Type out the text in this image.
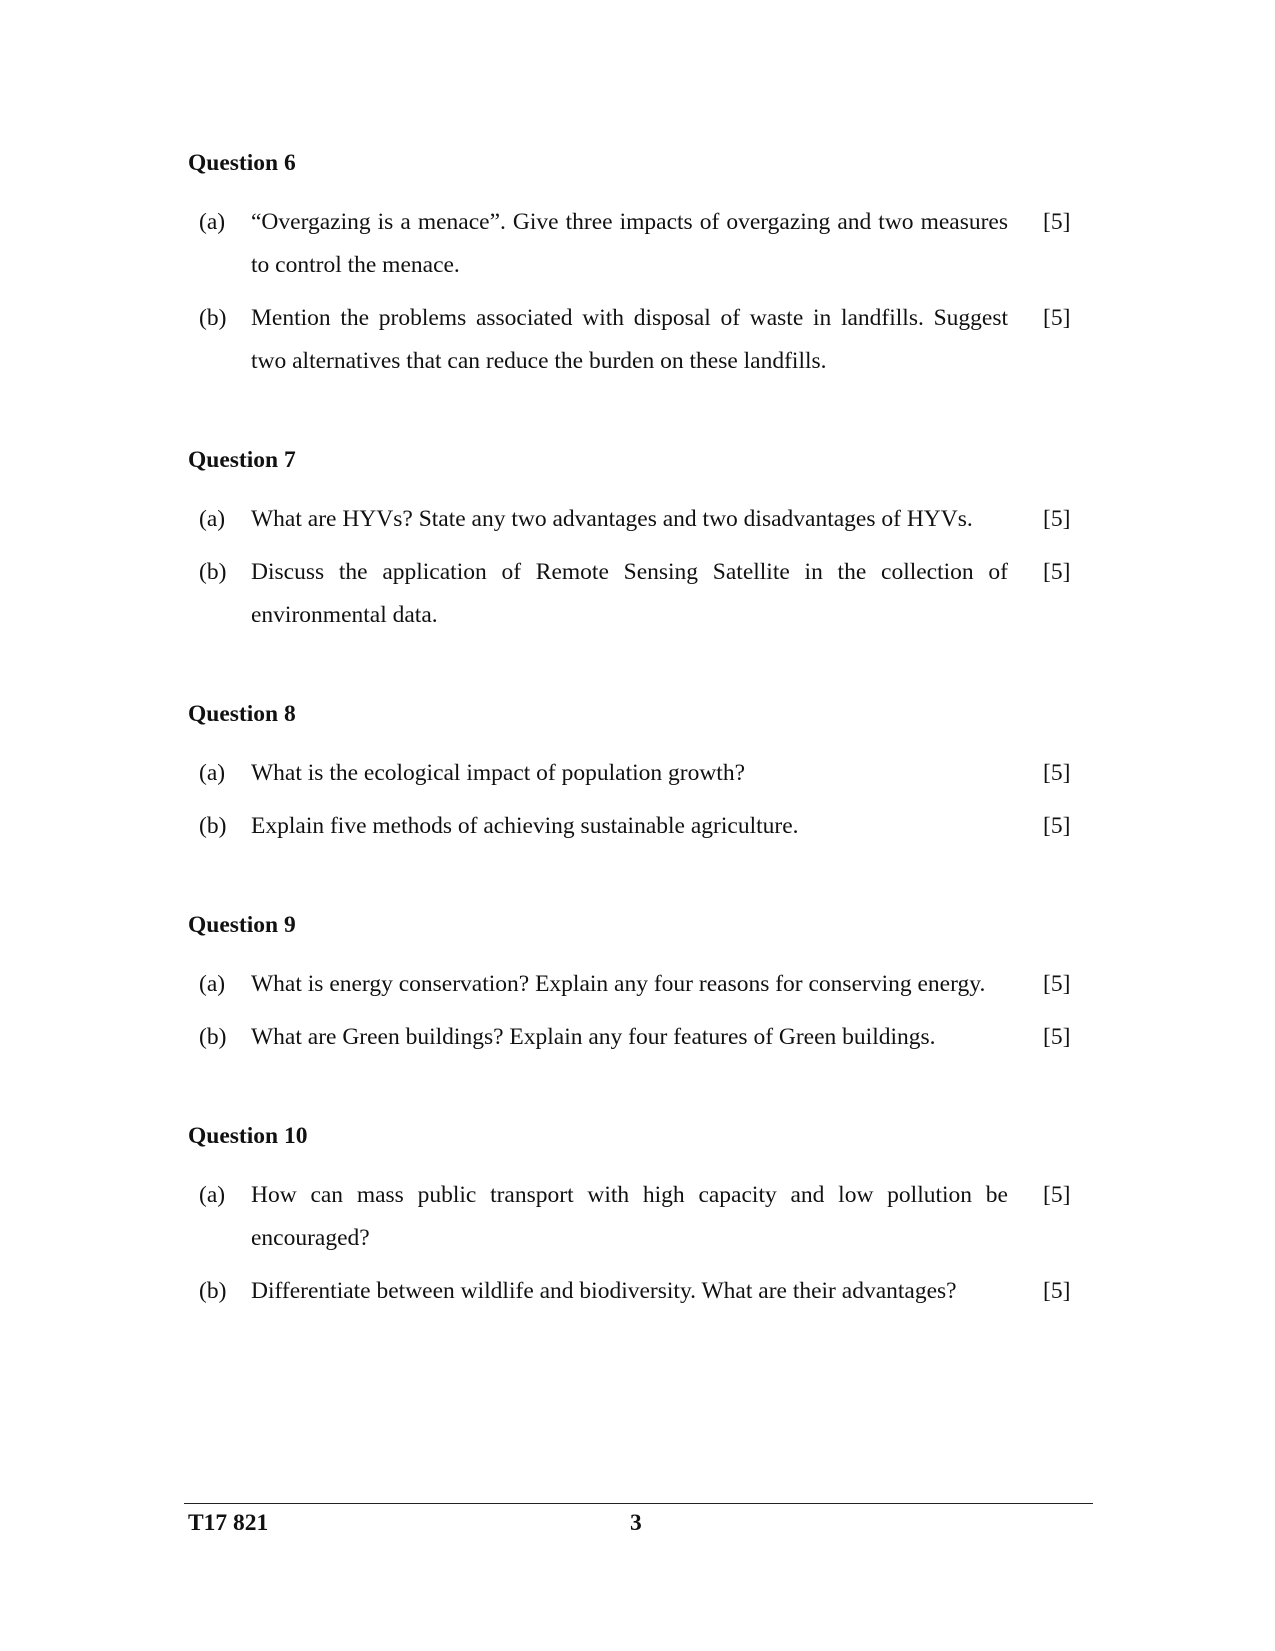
Question 6
(a)	“Overgazing is a menace”. Give three impacts of overgazing and two measures to control the menace.
[5]
(b)	Mention the problems associated with disposal of waste in landfills. Suggest two alternatives that can reduce the burden on these landfills.
[5]
Question 7
(a)	What are HYVs? State any two advantages and two disadvantages of HYVs.	[5]
(b)	Discuss the application of Remote Sensing Satellite in the collection of environmental data.
[5]
Question 8
(a)	What is the ecological impact of population growth?	[5]
(b)	Explain five methods of achieving sustainable agriculture.	[5]
Question 9
(a)	What is energy conservation? Explain any four reasons for conserving energy.	[5]
(b)	What are Green buildings? Explain any four features of Green buildings.	[5]
Question 10
(a)	How can mass public transport with high capacity and low pollution be encouraged?
[5]
(b)	Differentiate between wildlife and biodiversity. What are their advantages?	[5]
T17 821	3
